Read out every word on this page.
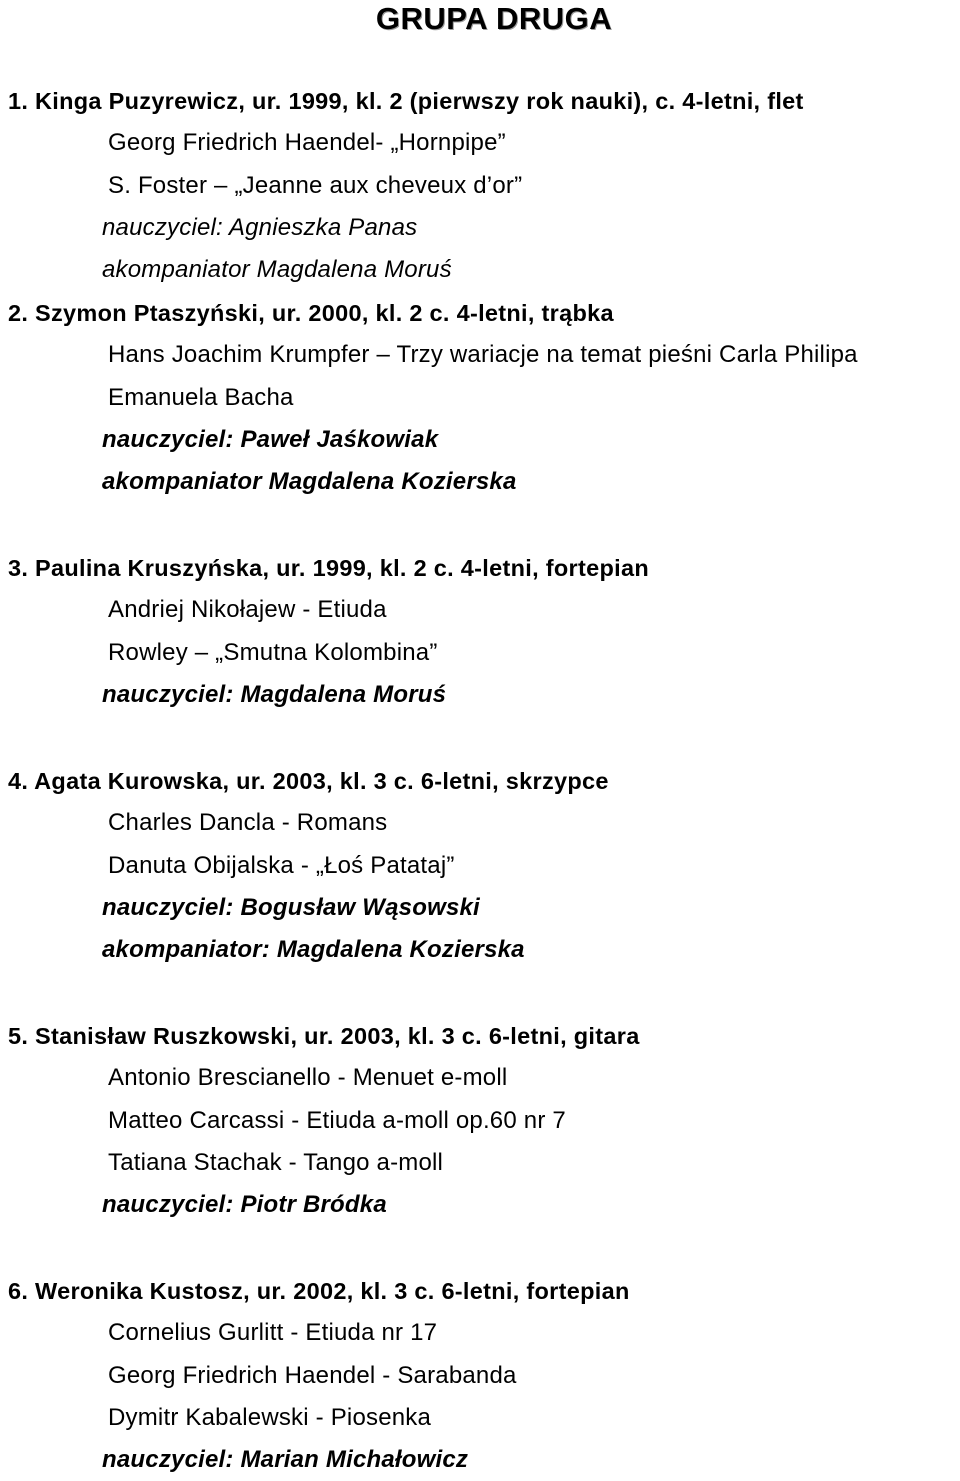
GRUPA DRUGA
1. Kinga Puzyrewicz, ur. 1999, kl. 2 (pierwszy rok nauki), c. 4-letni, flet
Georg Friedrich Haendel- „Hornpipe”
S. Foster – „Jeanne aux cheveux d’or”
nauczyciel: Agnieszka Panas
akompaniator Magdalena Moruś
2. Szymon Ptaszyński, ur. 2000, kl. 2 c. 4-letni, trąbka
Hans Joachim Krumpfer – Trzy wariacje na temat pieśni Carla Philipa Emanuela Bacha
nauczyciel: Paweł Jaśkowiak
akompaniator Magdalena Kozierska
3. Paulina Kruszyńska, ur. 1999, kl. 2 c. 4-letni, fortepian
Andriej Nikołajew - Etiuda
Rowley – „Smutna Kolombina”
nauczyciel: Magdalena Moruś
4. Agata Kurowska, ur. 2003, kl. 3 c. 6-letni, skrzypce
Charles Dancla - Romans
Danuta Obijalska - „Łoś Patataj”
nauczyciel: Bogusław Wąsowski
akompaniator: Magdalena Kozierska
5. Stanisław Ruszkowski, ur. 2003, kl. 3 c. 6-letni, gitara
Antonio Brescianello - Menuet e-moll
Matteo Carcassi - Etiuda a-moll op.60 nr 7
Tatiana Stachak - Tango a-moll
nauczyciel: Piotr Bródka
6. Weronika Kustosz, ur. 2002, kl. 3 c. 6-letni, fortepian
Cornelius Gurlitt - Etiuda nr 17
Georg Friedrich Haendel - Sarabanda
Dymitr Kabalewski - Piosenka
nauczyciel: Marian Michałowicz
